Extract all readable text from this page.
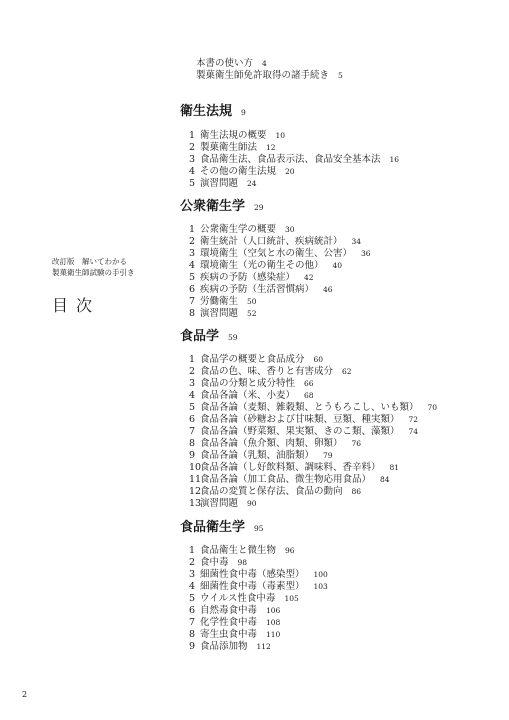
本書の使い方 4
製菓衛生師免許取得の諸手続き 5
改訂版　解いてわかる
製菓衛生師試験の手引き
目次
衛生法規 9
1 衛生法規の概要 10
2 製菓衛生師法 12
3 食品衛生法、食品表示法、食品安全基本法 16
4 その他の衛生法規 20
5 演習問題 24
公衆衛生学 29
1 公衆衛生学の概要 30
2 衛生統計（人口統計、疾病統計） 34
3 環境衛生（空気と水の衛生、公害） 36
4 環境衛生（光の衛生その他） 40
5 疾病の予防（感染症） 42
6 疾病の予防（生活習慣病） 46
7 労働衛生 50
8 演習問題 52
食品学 59
1 食品学の概要と食品成分 60
2 食品の色、味、香りと有害成分 62
3 食品の分類と成分特性 66
4 食品各論（米、小麦） 68
5 食品各論（麦類、雑穀類、とうもろこし、いも類） 70
6 食品各論（砂糖および甘味類、豆類、種実類） 72
7 食品各論（野菜類、果実類、きのこ類、藻類） 74
8 食品各論（魚介類、肉類、卵類） 76
9 食品各論（乳類、油脂類） 79
10食品各論（し好飲料類、調味料、香辛料） 81
11食品各論（加工食品、微生物応用食品） 84
12食品の変質と保存法、食品の動向 86
13演習問題 90
食品衛生学 95
1 食品衛生と微生物 96
2 食中毒 98
3 細菌性食中毒（感染型） 100
4 細菌性食中毒（毒素型） 103
5 ウイルス性食中毒 105
6 自然毒食中毒 106
7 化学性食中毒 108
8 寄生虫食中毒 110
9 食品添加物 112
2
